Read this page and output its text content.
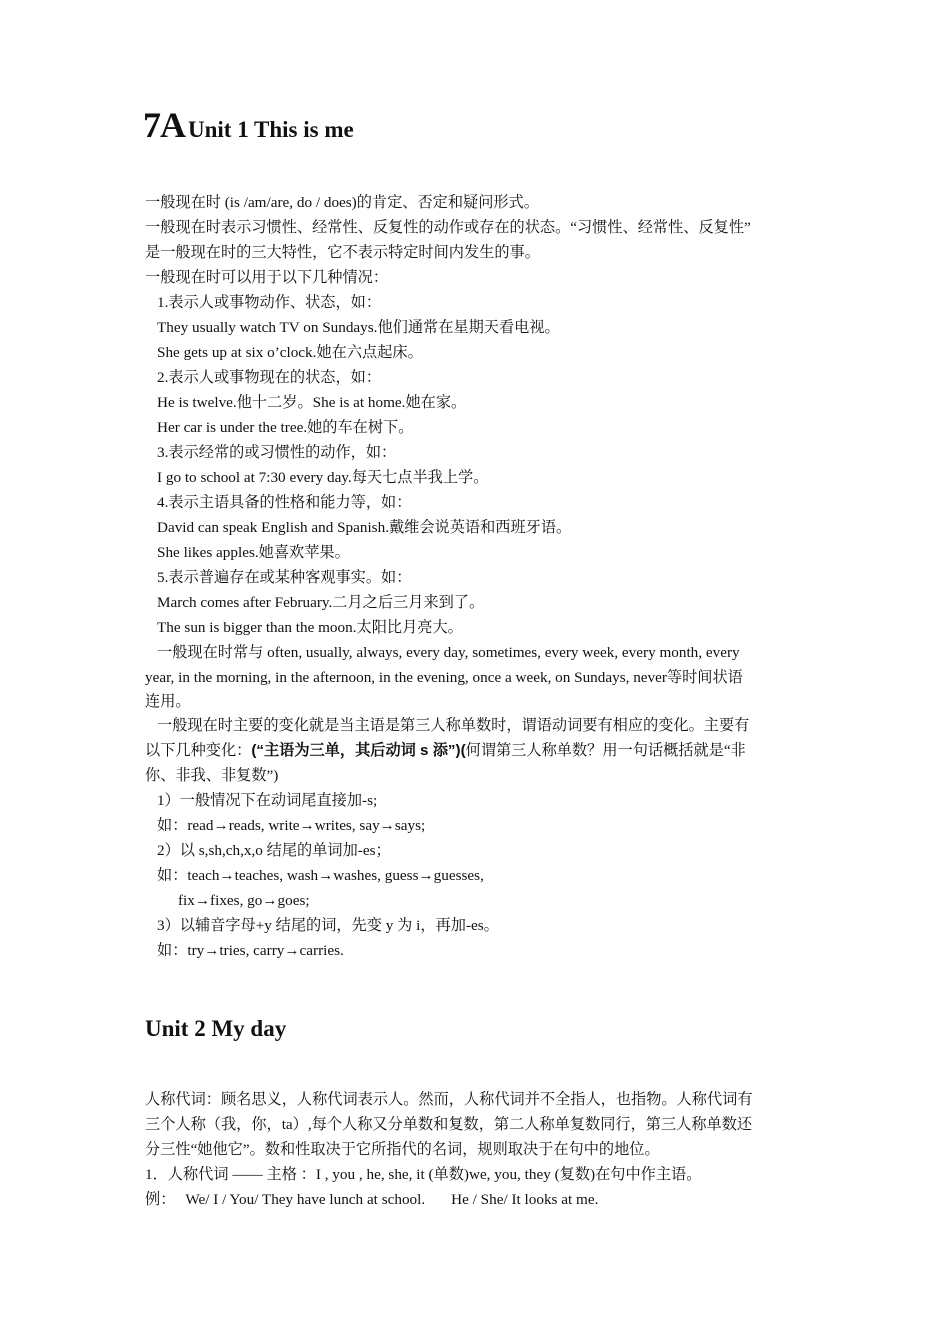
7A Unit 1 This is me
一般现在时 (is /am/are, do / does)的肯定、否定和疑问形式。
一般现在时表示习惯性、经常性、反复性的动作或存在的状态。“习惯性、经常性、反复性”
是一般现在时的三大特性，它不表示特定时间内发生的事。
一般现在时可以用于以下几种情况：
1.表示人或事物动作、状态，如：
They usually watch TV on Sundays.他们通常在星期天看电视。
She gets up at six o’clock.她在六点起床。
2.表示人或事物现在的状态，如：
He is twelve.他十二岁。She is at home.她在家。
Her car is under the tree.她的车在树下。
3.表示经常的或习惯性的动作，如：
I go to school at 7:30 every day.每天七点半我上学。
4.表示主语具备的性格和能力等，如：
David can speak English and Spanish.戴维会说英语和西班牙语。
She likes apples.她喜欢苹果。
5.表示普遍存在或某种客观事实。如：
March comes after February.二月之后三月来到了。
The sun is bigger than the moon.太阳比月亮大。
一般现在时常与 often, usually, always, every day, sometimes, every week, every month, every
year, in the morning, in the afternoon, in the evening, once a week, on Sundays, never等时间状语
连用。
一般现在时主要的变化就是当主语是第三人称单数时，谓语动词要有相应的变化。主要有
以下几种变化：(“主语为三单，其后动词 s 添”)(何谓第三人称单数？用一句话概括就是“非
你、非我、非复数”)
1）一般情况下在动词尾直接加-s;
如：read→reads, write→writes, say→says;
2）以 s,sh,ch,x,o 结尾的单词加-es；
如：teach→teaches, wash→washes, guess→guesses,
fix→fixes, go→goes;
3）以辅音字母+y 结尾的词，先变 y 为 i，再加-es。
如：try→tries, carry→carries.
Unit 2 My day
人称代词：顾名思义，人称代词表示人。然而，人称代词并不全指人，也指物。人称代词有
三个人称（我，你，ta）,每个人称又分单数和复数，第二人称单复数同行，第三人称单数还
分三性“她他它”。数和性取决于它所指代的名词，规则取决于在句中的地位。
1．人称代词 —— 主格 ：I , you , he, she, it (单数)we, you, they (复数)在句中作主语。
例： We/ I / You/ They have lunch at school. He / She/ It looks at me.
